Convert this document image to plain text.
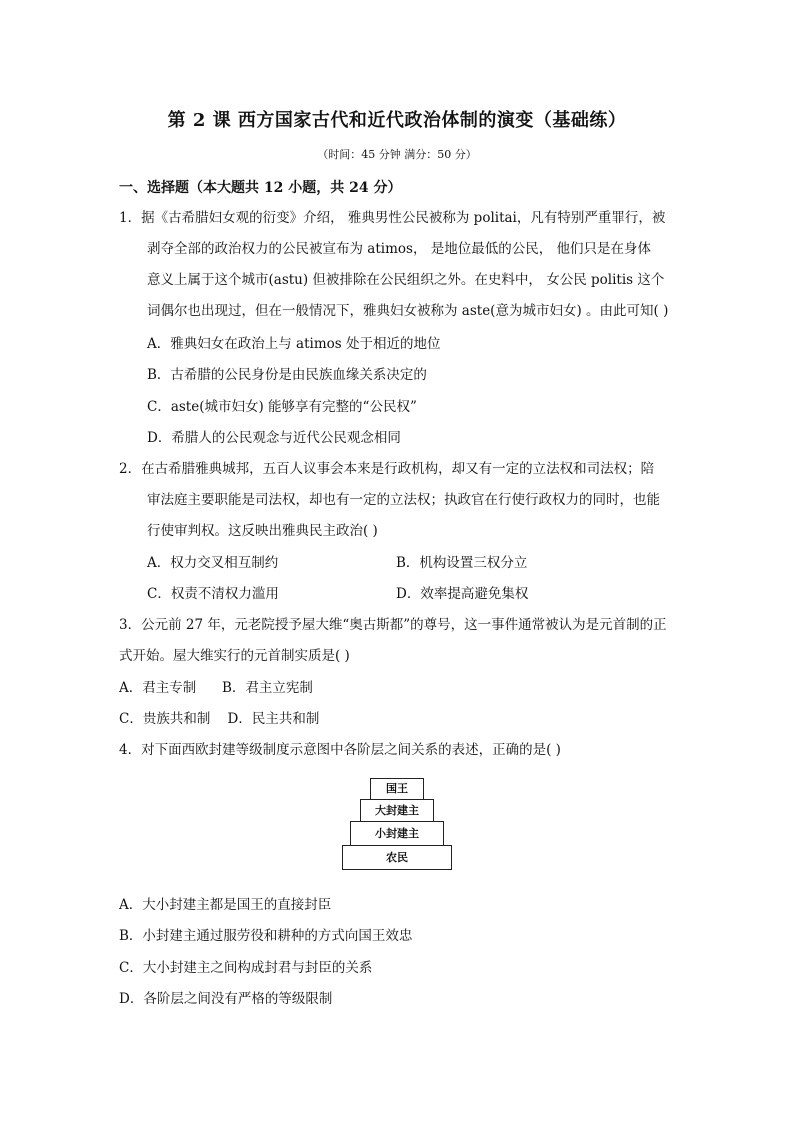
第 2 课 西方国家古代和近代政治体制的演变（基础练）
（时间：45 分钟 满分：50 分）
一、选择题（本大题共 12 小题，共 24 分）
1．据《古希腊妇女观的衍变》介绍， 雅典男性公民被称为 politai，凡有特别严重罪行，被
剥夺全部的政治权力的公民被宣布为 atimos， 是地位最低的公民， 他们只是在身体
意义上属于这个城市(astu) 但被排除在公民组织之外。在史料中， 女公民 politis 这个
词偶尔也出现过，但在一般情况下，雅典妇女被称为 aste(意为城市妇女) 。由此可知( )
A．雅典妇女在政治上与 atimos 处于相近的地位
B．古希腊的公民身份是由民族血缘关系决定的
C．aste(城市妇女) 能够享有完整的“公民权”
D．希腊人的公民观念与近代公民观念相同
2．在古希腊雅典城邦，五百人议事会本来是行政机构，却又有一定的立法权和司法权；陪
审法庭主要职能是司法权，却也有一定的立法权；执政官在行使行政权力的同时，也能
行使审判权。这反映出雅典民主政治( )
A．权力交叉相互制约	B．机构设置三权分立
C．权责不清权力滥用	D．效率提高避免集权
3．公元前 27 年，元老院授予屋大维“奥古斯都”的尊号，这一事件通常被认为是元首制的正
式开始。屋大维实行的元首制实质是( )
A．君主专制      B．君主立宪制
C．贵族共和制    D．民主共和制
4．对下面西欧封建等级制度示意图中各阶层之间关系的表述，正确的是( )
国王
大封建主
小封建主
农民
A．大小封建主都是国王的直接封臣
B．小封建主通过服劳役和耕种的方式向国王效忠
C．大小封建主之间构成封君与封臣的关系
D．各阶层之间没有严格的等级限制
